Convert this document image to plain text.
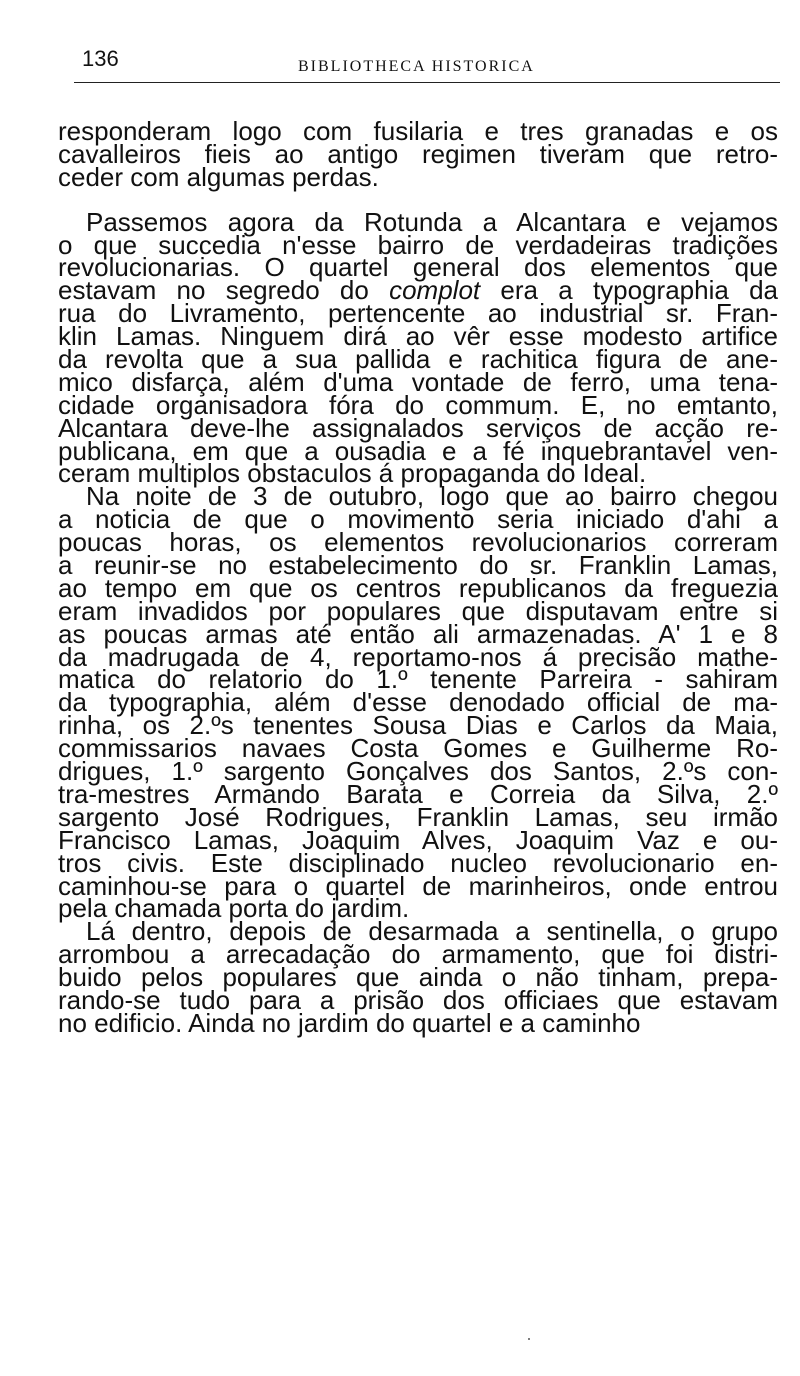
136	BIBLIOTHECA HISTORICA
responderam logo com fusilaria e tres granadas e os
cavalleiros fieis ao antigo regimen tiveram que retro-
ceder com algumas perdas.
Passemos agora da Rotunda a Alcantara e vejamos
o que succedia n'esse bairro de verdadeiras tradições
revolucionarias. O quartel general dos elementos que
estavam no segredo do complot era a typographia da
rua do Livramento, pertencente ao industrial sr. Fran-
klin Lamas. Ninguem dirá ao vêr esse modesto artifice
da revolta que a sua pallida e rachitica figura de ane-
mico disfarça, além d'uma vontade de ferro, uma tena-
cidade organisadora fóra do commum. E, no emtanto,
Alcantara deve-lhe assignalados serviços de acção re-
publicana, em que a ousadia e a fé inquebrantavel ven-
ceram multiplos obstaculos á propaganda do Ideal.
Na noite de 3 de outubro, logo que ao bairro chegou
a noticia de que o movimento seria iniciado d'ahi a
poucas horas, os elementos revolucionarios correram
a reunir-se no estabelecimento do sr. Franklin Lamas,
ao tempo em que os centros republicanos da freguezia
eram invadidos por populares que disputavam entre si
as poucas armas até então ali armazenadas. A' 1 e 8
da madrugada de 4, reportamo-nos á precisão mathe-
matica do relatorio do 1.º tenente Parreira - sahiram
da typographia, além d'esse denodado official de ma-
rinha, os 2.ºs tenentes Sousa Dias e Carlos da Maia,
commissarios navaes Costa Gomes e Guilherme Ro-
drigues, 1.º sargento Gonçalves dos Santos, 2.ºs con-
tra-mestres Armando Barata e Correia da Silva, 2.º
sargento José Rodrigues, Franklin Lamas, seu irmão
Francisco Lamas, Joaquim Alves, Joaquim Vaz e ou-
tros civis. Este disciplinado nucleo revolucionario en-
caminhou-se para o quartel de marinheiros, onde entrou
pela chamada porta do jardim.
Lá dentro, depois de desarmada a sentinella, o grupo
arrombou a arrecadação do armamento, que foi distri-
buido pelos populares que ainda o não tinham, prepa-
rando-se tudo para a prisão dos officiaes que estavam
no edificio. Ainda no jardim do quartel e a caminho
